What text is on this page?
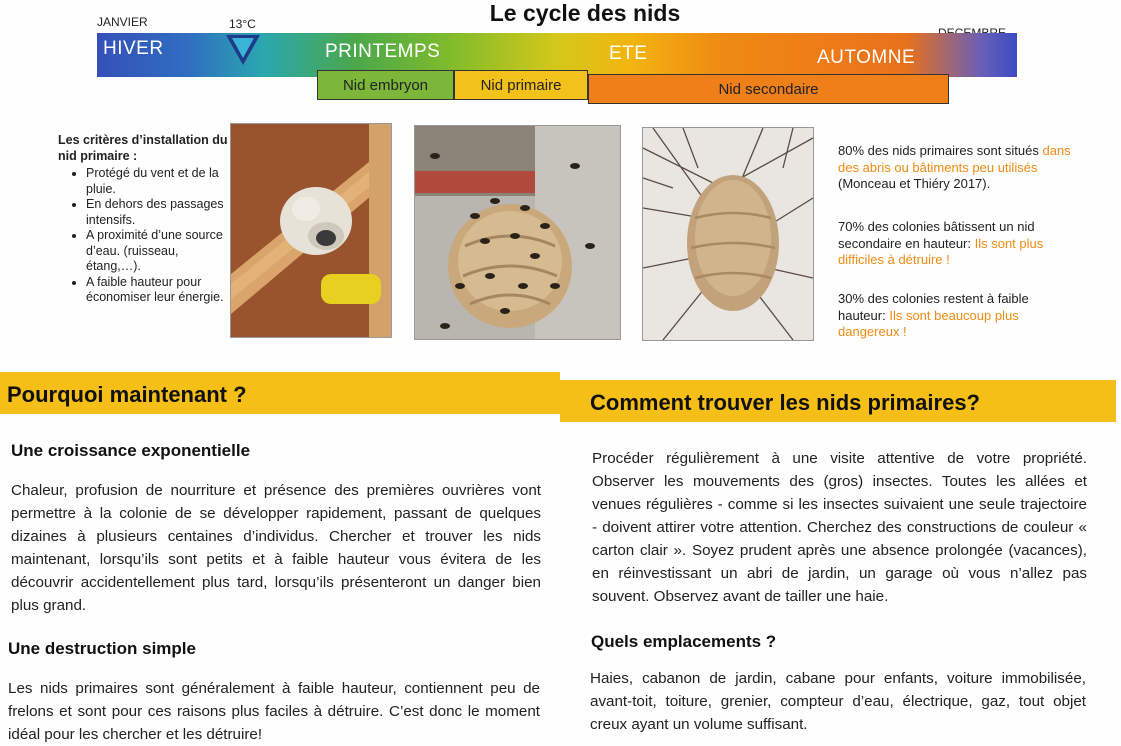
Le cycle des nids
JANVIER	13°C
HIVER	PRINTEMPS	ETE	AUTOMNE
Nid embryon	Nid primaire	Nid secondaire
Les critères d’installation du nid primaire :
• Protégé du vent et de la pluie.
• En dehors des passages intensifs.
• A proximité d’une source d’eau. (ruisseau, étang,…).
• A faible hauteur pour économiser leur énergie.
80% des nids primaires sont situés dans des abris ou bâtiments peu utilisés (Monceau et Thiéry 2017).
70% des colonies bâtissent un nid secondaire en hauteur: Ils sont plus difficiles à détruire !
30% des colonies restent à faible hauteur: Ils sont beaucoup plus dangereux !
Pourquoi maintenant ?	Comment trouver les nids primaires?
Une croissance exponentielle
Chaleur, profusion de nourriture et présence des premières ouvrières vont permettre à la colonie de se développer rapidement, passant de quelques dizaines à plusieurs centaines d’individus. Chercher et trouver les nids maintenant, lorsqu’ils sont petits et à faible hauteur vous évitera de les découvrir accidentellement plus tard, lorsqu’ils présenteront un danger bien plus grand.
Une destruction simple
Les nids primaires sont généralement à faible hauteur, contiennent peu de frelons et sont pour ces raisons plus faciles à détruire. C’est donc le moment idéal pour les chercher et les détruire!
Procéder régulièrement à une visite attentive de votre propriété. Observer les mouvements des (gros) insectes. Toutes les allées et venues régulières - comme si les insectes suivaient une seule trajectoire - doivent attirer votre attention. Cherchez des constructions de couleur « carton clair ». Soyez prudent après une absence prolongée (vacances), en réinvestissant un abri de jardin, un garage où vous n’allez pas souvent. Observez avant de tailler une haie.
Quels emplacements ?
Haies, cabanon de jardin, cabane pour enfants, voiture immobilisée, avant-toit, toiture, grenier, compteur d’eau, électrique, gaz, tout objet creux ayant un volume suffisant.
